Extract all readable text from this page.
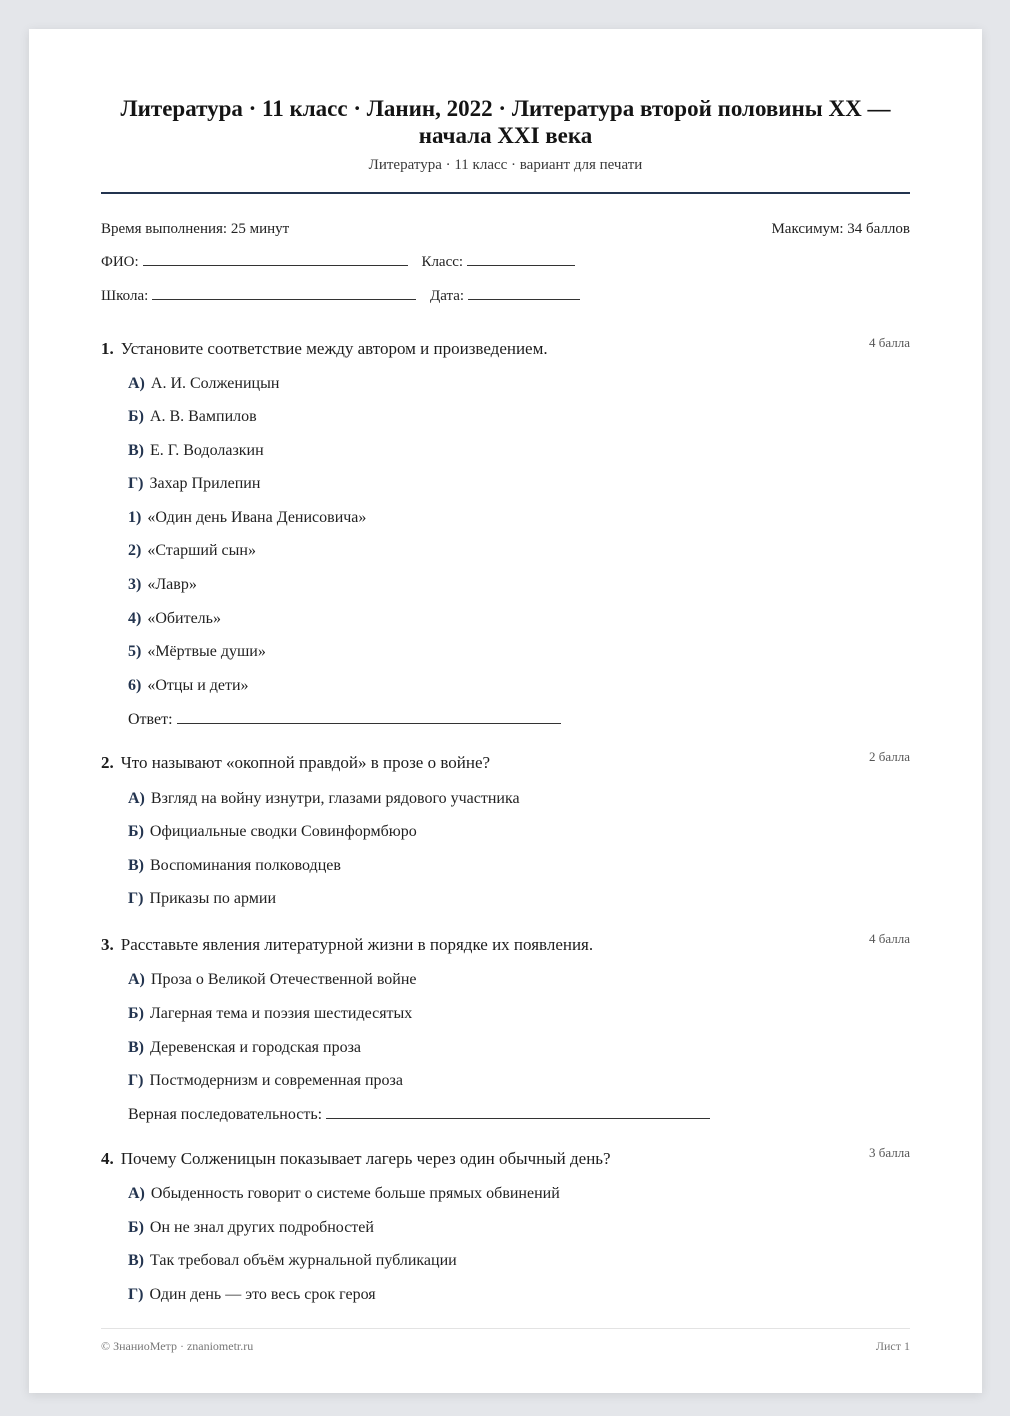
Литература · 11 класс · Ланин, 2022 · Литература второй половины XX —
начала XXI века
Литература · 11 класс · вариант для печати
Время выполнения: 25 минут	Максимум: 34 баллов
ФИО:	Класс:
Школа:	Дата:
1. Установите соответствие между автором и произведением.	4 балла
А) А. И. Солженицын
Б) А. В. Вампилов
В) Е. Г. Водолазкин
Г) Захар Прилепин
1) «Один день Ивана Денисовича»
2) «Старший сын»
3) «Лавр»
4) «Обитель»
5) «Мёртвые души»
6) «Отцы и дети»
Ответ:
2. Что называют «окопной правдой» в прозе о войне?	2 балла
А) Взгляд на войну изнутри, глазами рядового участника
Б) Официальные сводки Совинформбюро
В) Воспоминания полководцев
Г) Приказы по армии
3. Расставьте явления литературной жизни в порядке их появления.	4 балла
А) Проза о Великой Отечественной войне
Б) Лагерная тема и поэзия шестидесятых
В) Деревенская и городская проза
Г) Постмодернизм и современная проза
Верная последовательность:
4. Почему Солженицын показывает лагерь через один обычный день?	3 балла
А) Обыденность говорит о системе больше прямых обвинений
Б) Он не знал других подробностей
В) Так требовал объём журнальной публикации
Г) Один день — это весь срок героя
© ЗнаниоМетр · znaniometr.ru	Лист 1
